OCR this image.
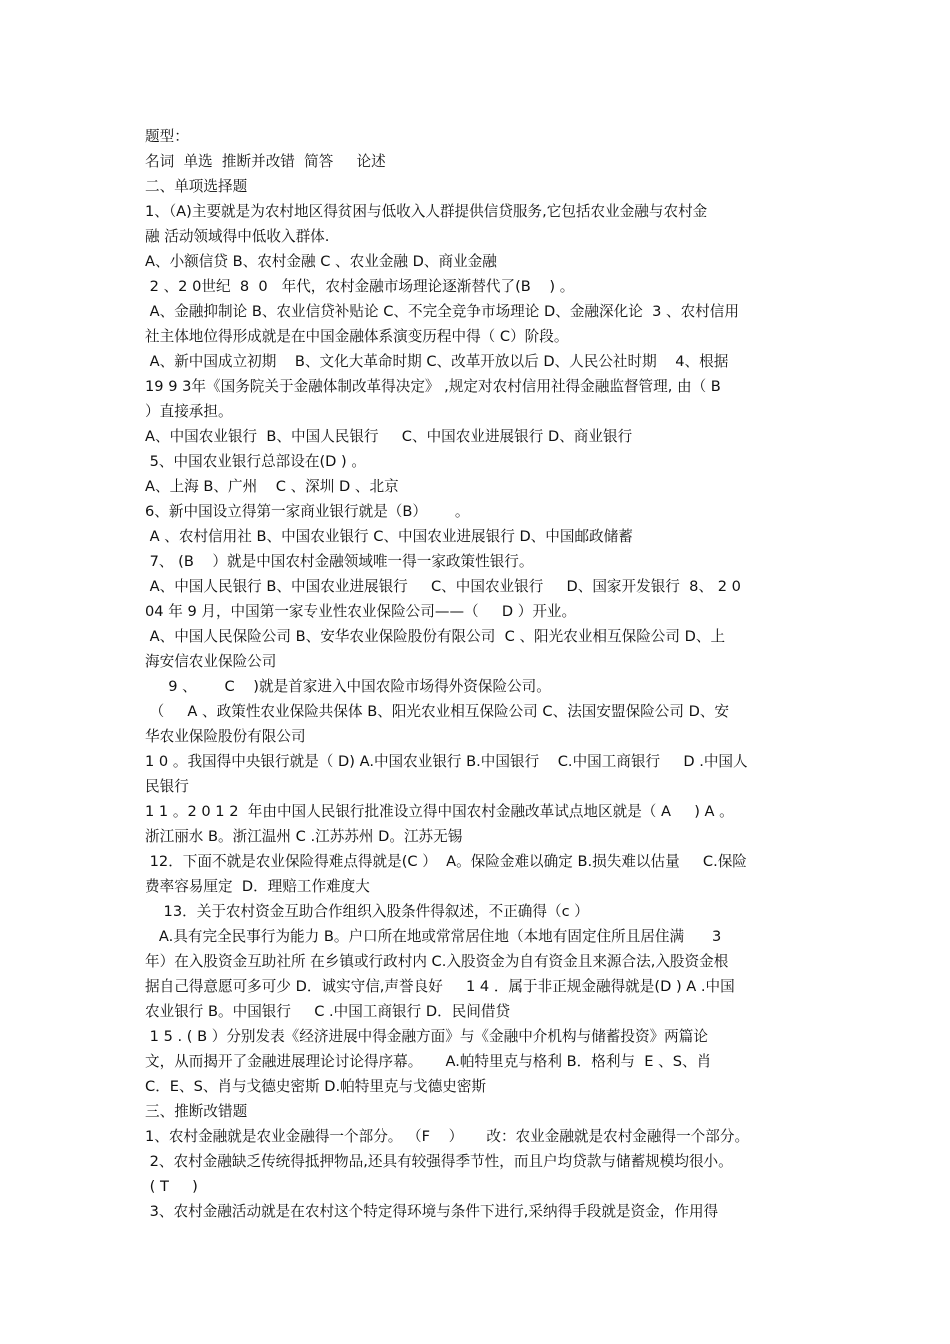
题型：
名词  单选  推断并改错  简答     论述
二、单项选择题
1、（A)主要就是为农村地区得贫困与低收入人群提供信贷服务,它包括农业金融与农村金
融 活动领域得中低收入群体.
A、小额信贷 B、农村金融 C 、农业金融 D、商业金融
2 、2 0世纪  8  0   年代，农村金融市场理论逐渐替代了(B    ) 。
A、金融抑制论 B、农业信贷补贴论 C、不完全竞争市场理论 D、金融深化论  3 、农村信用
社主体地位得形成就是在中国金融体系演变历程中得（ C）阶段。
A、新中国成立初期    B、文化大革命时期 C、改革开放以后 D、人民公社时期    4、根据
19 9 3年《国务院关于金融体制改革得决定》 ,规定对农村信用社得金融监督管理, 由（ B
）直接承担。
A、中国农业银行  B、中国人民银行     C、中国农业进展银行 D、商业银行
5、中国农业银行总部设在(D ) 。
A、上海 B、广州    C 、深圳 D 、北京
6、新中国设立得第一家商业银行就是（B）      。
A 、农村信用社 B、中国农业银行 C、中国农业进展银行 D、中国邮政储蓄
7、 (B    ）就是中国农村金融领域唯一得一家政策性银行。
A、中国人民银行 B、中国农业进展银行     C、中国农业银行     D、国家开发银行  8、 2 0
04 年 9 月，中国第一家专业性农业保险公司——（     D ）开业。
A、中国人民保险公司 B、安华农业保险股份有限公司  C 、阳光农业相互保险公司 D、上
海安信农业保险公司
9 、      C    )就是首家进入中国农险市场得外资保险公司。
（     A 、政策性农业保险共保体 B、阳光农业相互保险公司 C、法国安盟保险公司 D、安
华农业保险股份有限公司
1 0 。我国得中央银行就是（ D) A.中国农业银行 B.中国银行    C.中国工商银行     D .中国人
民银行
1 1 。2 0 1 2  年由中国人民银行批准设立得中国农村金融改革试点地区就是（ A     ) A 。
浙江丽水 B。浙江温州 C .江苏苏州 D。江苏无锡
12．下面不就是农业保险得难点得就是(C ）  A。保险金难以确定 B.损失难以估量     C.保险
费率容易厘定  D．理赔工作难度大
13．关于农村资金互助合作组织入股条件得叙述，不正确得（c ）
A.具有完全民事行为能力 B。户口所在地或常常居住地（本地有固定住所且居住满      3
年）在入股资金互助社所 在乡镇或行政村内 C.入股资金为自有资金且来源合法,入股资金根
据自己得意愿可多可少 D．诚实守信,声誉良好     1 4 ．属于非正规金融得就是(D ) A .中国
农业银行 B。中国银行     C .中国工商银行 D．民间借贷
1 5 . ( B ）分别发表《经济进展中得金融方面》与《金融中介机构与储蓄投资》两篇论
文，从而揭开了金融进展理论讨论得序幕。     A.帕特里克与格利 B．格利与  E 、S、肖
C．E、S、肖与戈德史密斯 D.帕特里克与戈德史密斯
三、推断改错题
1、农村金融就是农业金融得一个部分。 （F    ）     改：农业金融就是农村金融得一个部分。
2、农村金融缺乏传统得抵押物品,还具有较强得季节性，而且户均贷款与储蓄规模均很小。
( T     )
3、农村金融活动就是在农村这个特定得环境与条件下进行,采纳得手段就是资金，作用得
